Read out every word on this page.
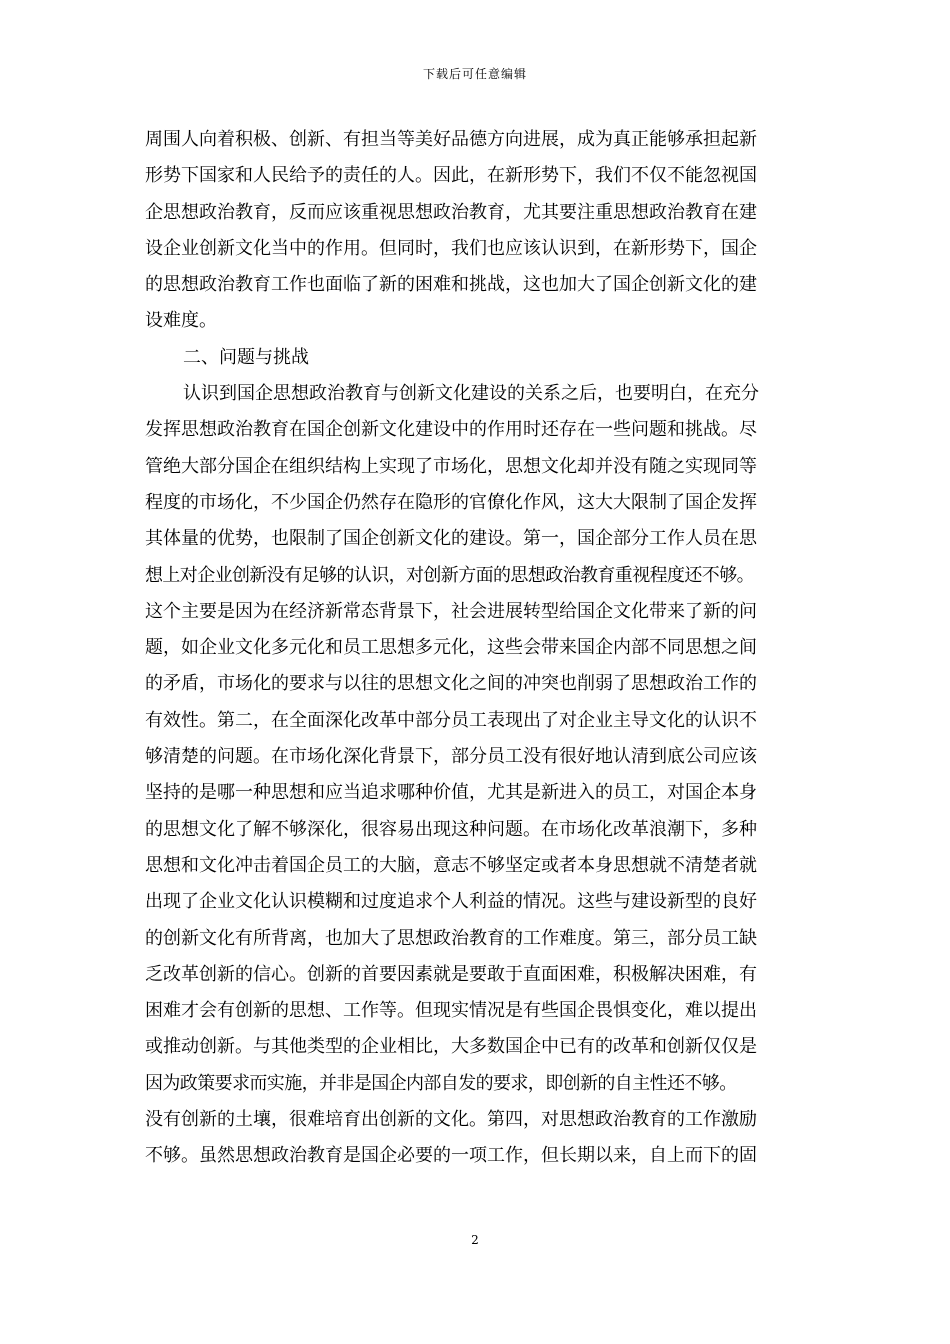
下载后可任意编辑
周围人向着积极、创新、有担当等美好品德方向进展，成为真正能够承担起新
形势下国家和人民给予的责任的人。因此，在新形势下，我们不仅不能忽视国
企思想政治教育，反而应该重视思想政治教育，尤其要注重思想政治教育在建
设企业创新文化当中的作用。但同时，我们也应该认识到，在新形势下，国企
的思想政治教育工作也面临了新的困难和挑战，这也加大了国企创新文化的建
设难度。
二、问题与挑战
认识到国企思想政治教育与创新文化建设的关系之后，也要明白，在充分
发挥思想政治教育在国企创新文化建设中的作用时还存在一些问题和挑战。尽
管绝大部分国企在组织结构上实现了市场化，思想文化却并没有随之实现同等
程度的市场化，不少国企仍然存在隐形的官僚化作风，这大大限制了国企发挥
其体量的优势，也限制了国企创新文化的建设。第一，国企部分工作人员在思
想上对企业创新没有足够的认识，对创新方面的思想政治教育重视程度还不够。
这个主要是因为在经济新常态背景下，社会进展转型给国企文化带来了新的问
题，如企业文化多元化和员工思想多元化，这些会带来国企内部不同思想之间
的矛盾，市场化的要求与以往的思想文化之间的冲突也削弱了思想政治工作的
有效性。第二，在全面深化改革中部分员工表现出了对企业主导文化的认识不
够清楚的问题。在市场化深化背景下，部分员工没有很好地认清到底公司应该
坚持的是哪一种思想和应当追求哪种价值，尤其是新进入的员工，对国企本身
的思想文化了解不够深化，很容易出现这种问题。在市场化改革浪潮下，多种
思想和文化冲击着国企员工的大脑，意志不够坚定或者本身思想就不清楚者就
出现了企业文化认识模糊和过度追求个人利益的情况。这些与建设新型的良好
的创新文化有所背离，也加大了思想政治教育的工作难度。第三，部分员工缺
乏改革创新的信心。创新的首要因素就是要敢于直面困难，积极解决困难，有
困难才会有创新的思想、工作等。但现实情况是有些国企畏惧变化，难以提出
或推动创新。与其他类型的企业相比，大多数国企中已有的改革和创新仅仅是
因为政策要求而实施，并非是国企内部自发的要求，即创新的自主性还不够。
没有创新的土壤，很难培育出创新的文化。第四，对思想政治教育的工作激励
不够。虽然思想政治教育是国企必要的一项工作，但长期以来，自上而下的固
2
